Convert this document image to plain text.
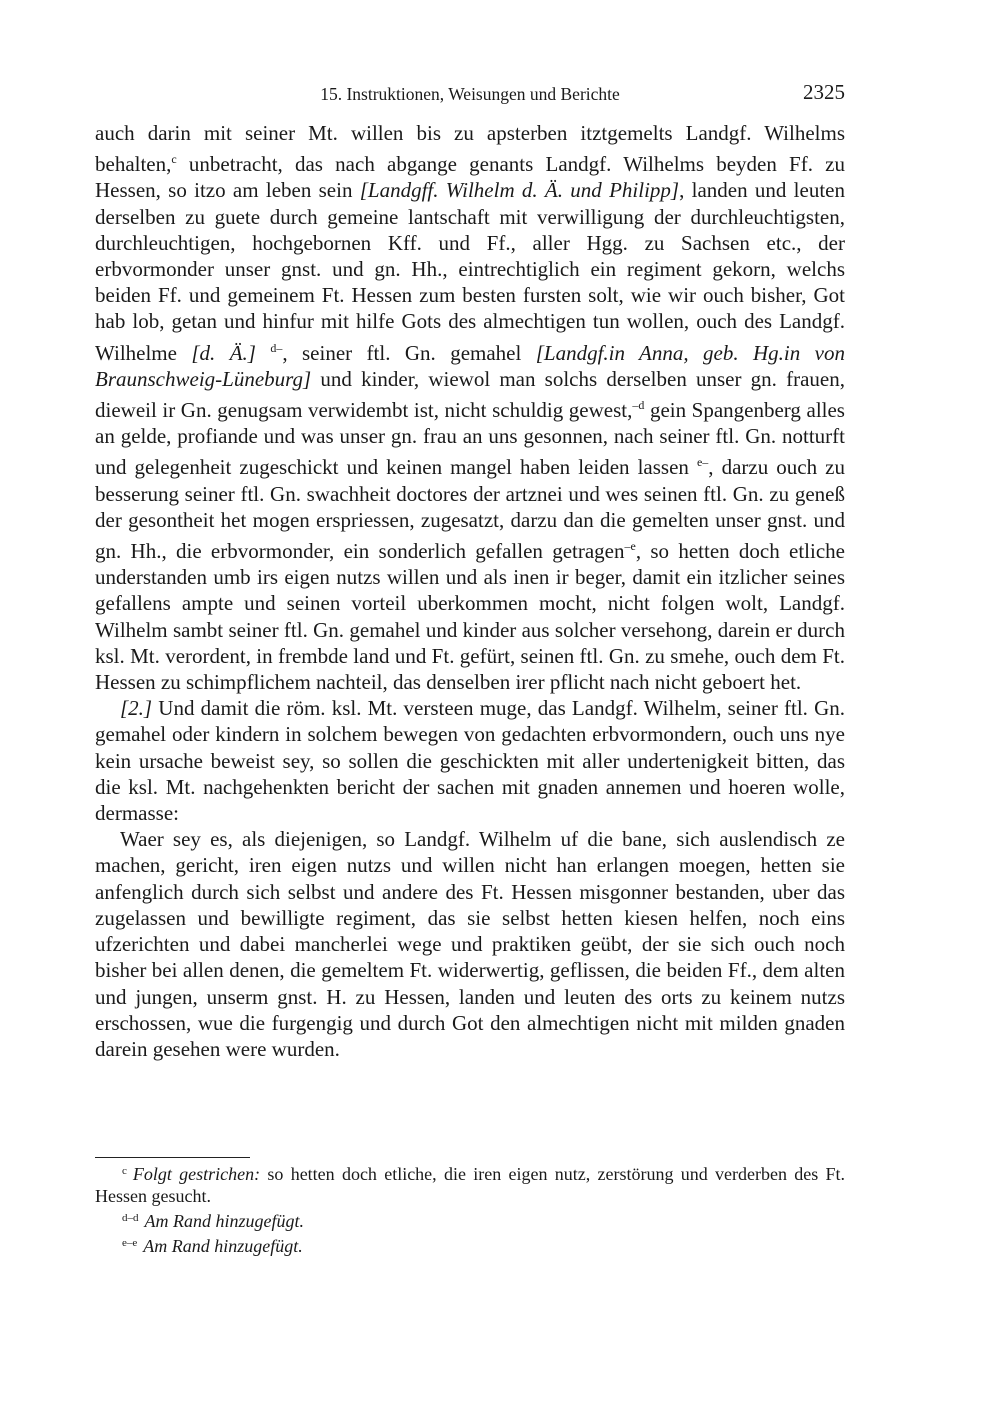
15. Instruktionen, Weisungen und Berichte	2325

auch darin mit seiner Mt. willen bis zu apsterben itztgemelts Landgf. Wilhelms behalten,$^c$ unbetracht, das nach abgange genants Landgf. Wilhelms beyden Ff. zu Hessen, so itzo am leben sein [Landgff. Wilhelm d. Ä. und Philipp], landen und leuten derselben zu guete durch gemeine lantschaft mit verwilligung der durchleuchtigsten, durchleuchtigen, hochgebornen Kff. und Ff., aller Hgg. zu Sachsen etc., der erbvormonder unser gnst. und gn. Hh., eintrechtiglich ein regiment gekorn, welchs beiden Ff. und gemeinem Ft. Hessen zum besten fursten solt, wie wir ouch bisher, Got hab lob, getan und hinfur mit hilfe Gots des almechtigen tun wollen, ouch des Landgf. Wilhelme [d. Ä.] $^{d-}$, seiner ftl. Gn. gemahel [Landgf.in Anna, geb. Hg.in von Braunschweig-Lüneburg] und kinder, wiewol man solchs derselben unser gn. frauen, dieweil ir Gn. genugsam verwidembt ist, nicht schuldig gewest,$^{-d}$ gein Spangenberg alles an gelde, profiande und was unser gn. frau an uns gesonnen, nach seiner ftl. Gn. notturft und gelegenheit zugeschickt und keinen mangel haben leiden lassen $^{e-}$, darzu ouch zu besserung seiner ftl. Gn. swachheit doctores der artznei und wes seinen ftl. Gn. zu geneß der gesontheit het mogen erspriessen, zugesatzt, darzu dan die gemelten unser gnst. und gn. Hh., die erbvormonder, ein sonderlich gefallen getragen$^{-e}$, so hetten doch etliche understanden umb irs eigen nutzs willen und als inen ir beger, damit ein itzlicher seines gefallens ampte und seinen vorteil uberkommen mocht, nicht folgen wolt, Landgf. Wilhelm sambt seiner ftl. Gn. gemahel und kinder aus solcher versehong, darein er durch ksl. Mt. verordent, in frembde land und Ft. gefürt, seinen ftl. Gn. zu smehe, ouch dem Ft. Hessen zu schimpflichem nachteil, das denselben irer pflicht nach nicht geboert het.

[2.] Und damit die röm. ksl. Mt. versteen muge, das Landgf. Wilhelm, seiner ftl. Gn. gemahel oder kindern in solchem bewegen von gedachten erbvormondern, ouch uns nye kein ursache beweist sey, so sollen die geschickten mit aller undertenigkeit bitten, das die ksl. Mt. nachgehenkten bericht der sachen mit gnaden annemen und hoeren wolle, dermasse:

Waer sey es, als diejenigen, so Landgf. Wilhelm uf die bane, sich auslendisch ze machen, gericht, iren eigen nutzs und willen nicht han erlangen moegen, hetten sie anfenglich durch sich selbst und andere des Ft. Hessen misgonner bestanden, uber das zugelassen und bewilligte regiment, das sie selbst hetten kiesen helfen, noch eins ufzerichten und dabei mancherlei wege und praktiken geübt, der sie sich ouch noch bisher bei allen denen, die gemeltem Ft. widerwertig, geflissen, die beiden Ff., dem alten und jungen, unserm gnst. H. zu Hessen, landen und leuten des orts zu keinem nutzs erschossen, wue die furgengig und durch Got den almechtigen nicht mit milden gnaden darein gesehen were wurden.

$^c$ Folgt gestrichen: so hetten doch etliche, die iren eigen nutz, zerstörung und verderben des Ft. Hessen gesucht.

$^{d-d}$ Am Rand hinzugefügt.

$^{e-e}$ Am Rand hinzugefügt.
